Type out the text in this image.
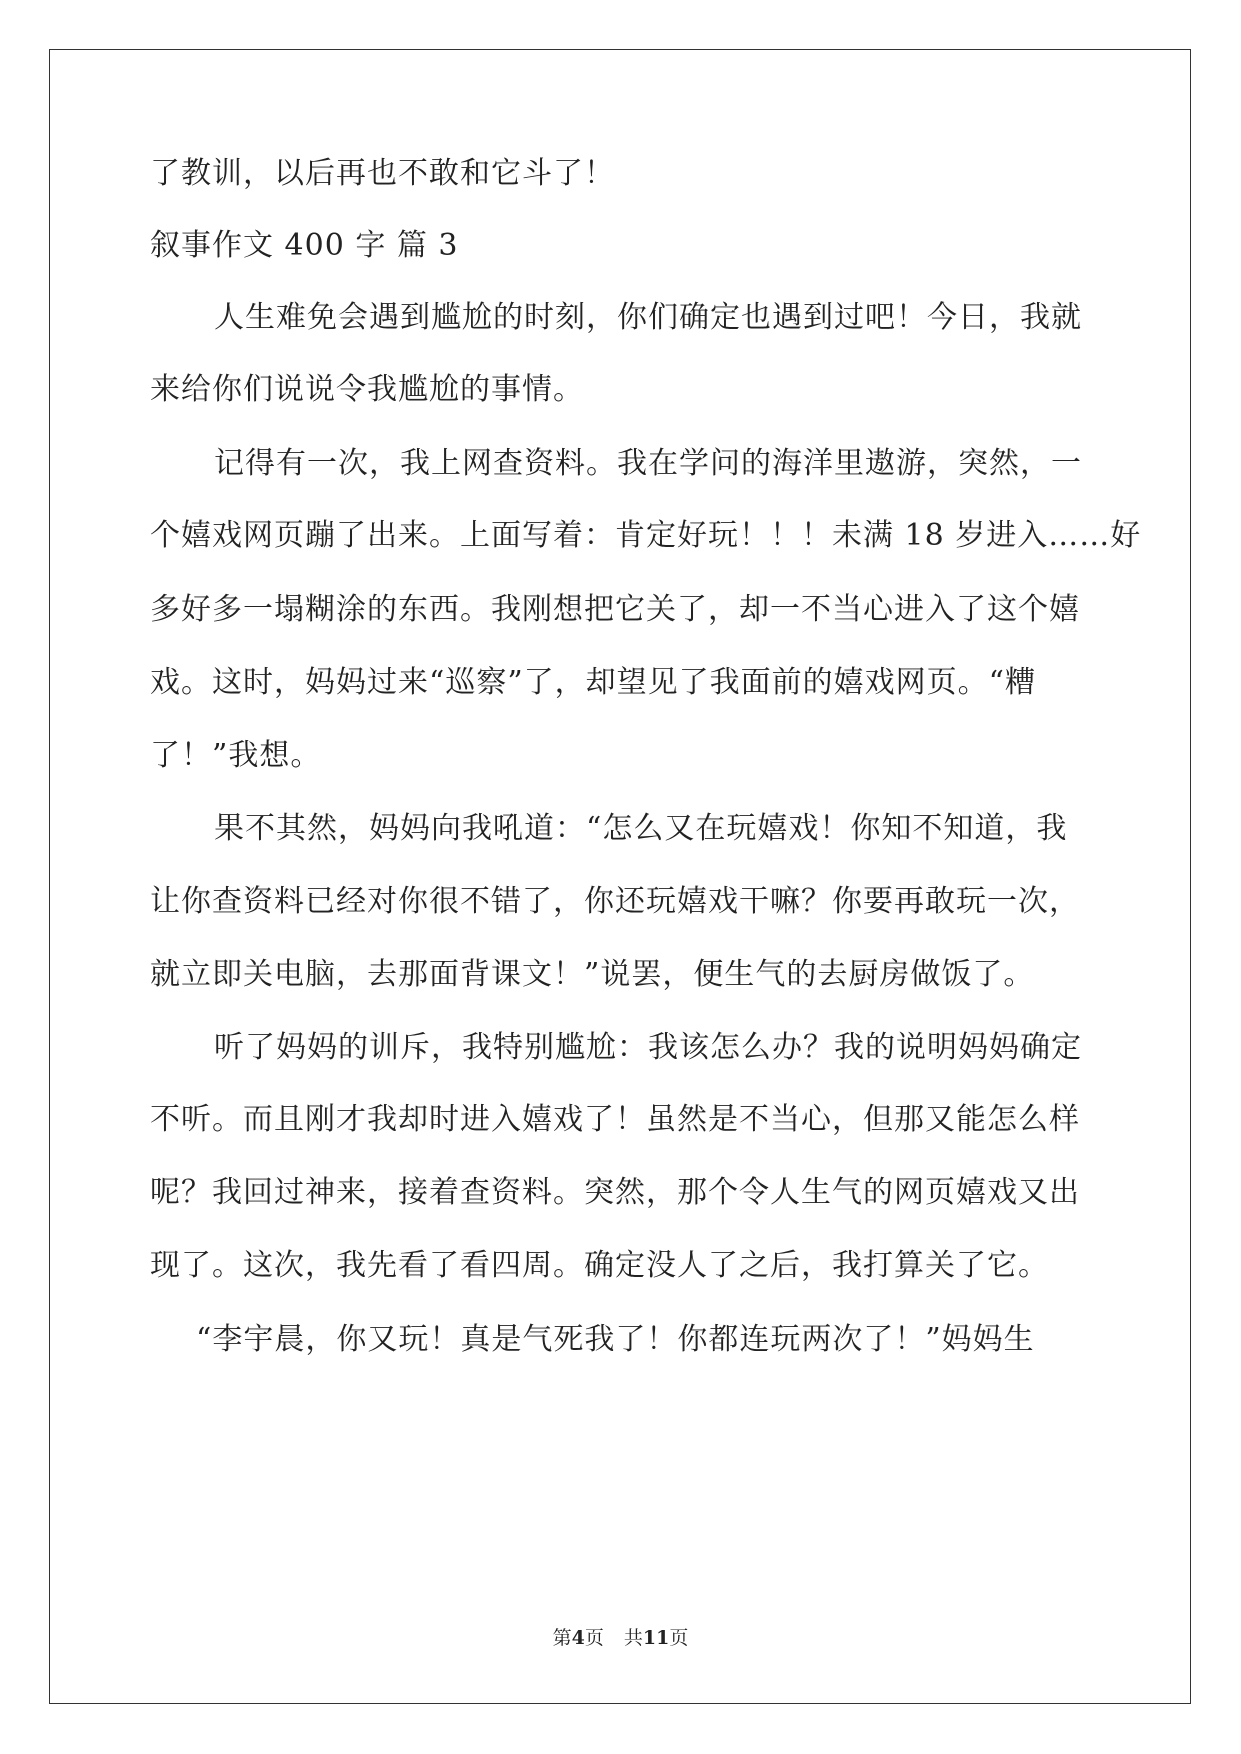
了教训，以后再也不敢和它斗了！
叙事作文 400 字 篇 3
人生难免会遇到尴尬的时刻，你们确定也遇到过吧！今日，我就
来给你们说说令我尴尬的事情。
记得有一次，我上网查资料。我在学问的海洋里遨游，突然，一
个嬉戏网页蹦了出来。上面写着：肯定好玩！！！未满 18 岁进入……好
多好多一塌糊涂的东西。我刚想把它关了，却一不当心进入了这个嬉
戏。这时，妈妈过来“巡察”了，却望见了我面前的嬉戏网页。“糟
了！”我想。
果不其然，妈妈向我吼道：“怎么又在玩嬉戏！你知不知道，我
让你查资料已经对你很不错了，你还玩嬉戏干嘛？你要再敢玩一次，
就立即关电脑，去那面背课文！”说罢，便生气的去厨房做饭了。
听了妈妈的训斥，我特别尴尬：我该怎么办？我的说明妈妈确定
不听。而且刚才我却时进入嬉戏了！虽然是不当心，但那又能怎么样
呢？我回过神来，接着查资料。突然，那个令人生气的网页嬉戏又出
现了。这次，我先看了看四周。确定没人了之后，我打算关了它。
“李宇晨，你又玩！真是气死我了！你都连玩两次了！”妈妈生
第4页 共11页
